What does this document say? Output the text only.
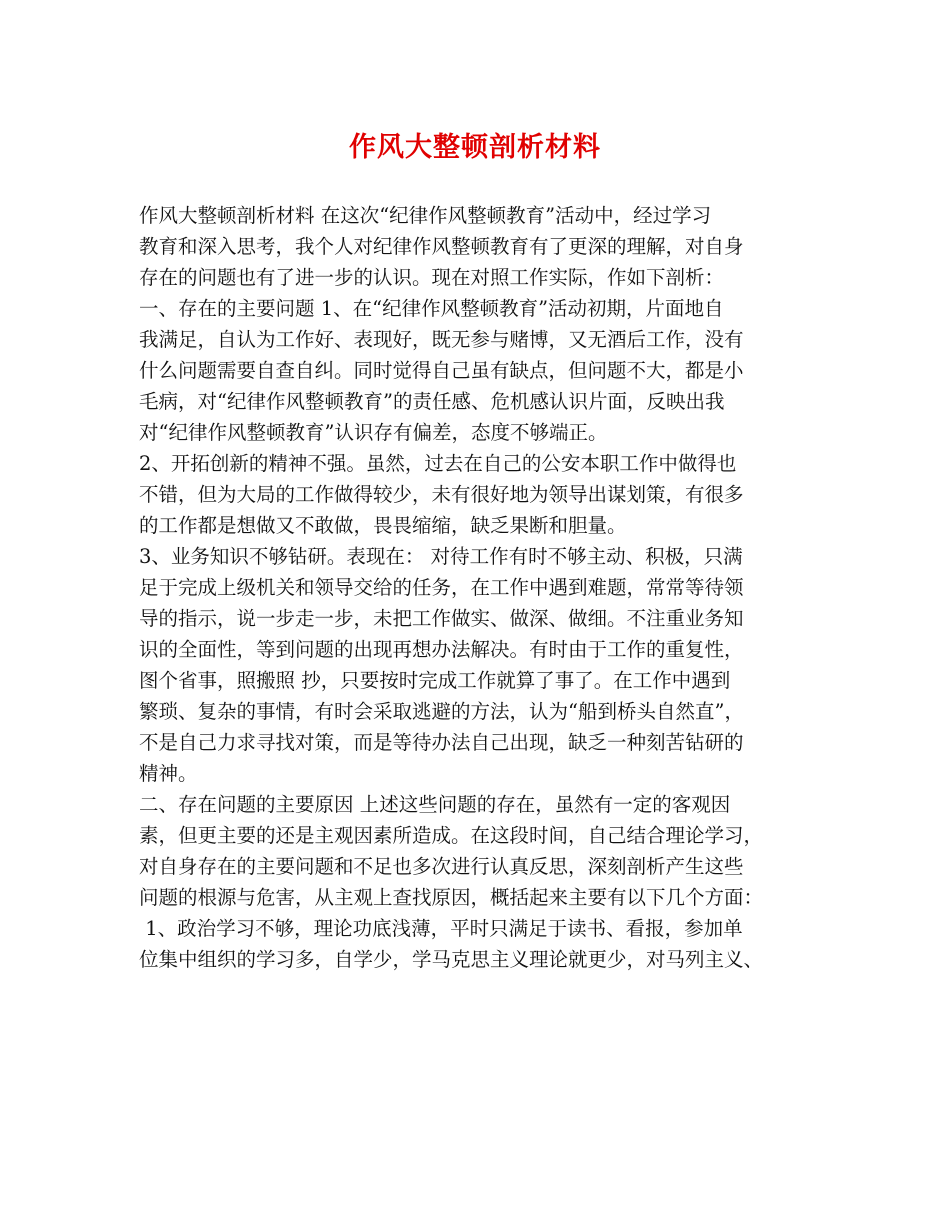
作风大整顿剖析材料
作风大整顿剖析材料 在这次“纪律作风整顿教育”活动中，经过学习
教育和深入思考，我个人对纪律作风整顿教育有了更深的理解，对自身
存在的问题也有了进一步的认识。现在对照工作实际，作如下剖析：
一、存在的主要问题 1、在“纪律作风整顿教育”活动初期，片面地自
我满足，自认为工作好、表现好，既无参与赌博，又无酒后工作，没有
什么问题需要自查自纠。同时觉得自己虽有缺点，但问题不大，都是小
毛病，对“纪律作风整顿教育”的责任感、危机感认识片面，反映出我
对“纪律作风整顿教育”认识存有偏差，态度不够端正。
2、开拓创新的精神不强。虽然，过去在自己的公安本职工作中做得也
不错，但为大局的工作做得较少，未有很好地为领导出谋划策，有很多
的工作都是想做又不敢做，畏畏缩缩，缺乏果断和胆量。
3、业务知识不够钻研。表现在： 对待工作有时不够主动、积极，只满
足于完成上级机关和领导交给的任务，在工作中遇到难题，常常等待领
导的指示，说一步走一步，未把工作做实、做深、做细。不注重业务知
识的全面性，等到问题的出现再想办法解决。有时由于工作的重复性，
图个省事，照搬照 抄，只要按时完成工作就算了事了。在工作中遇到
繁琐、复杂的事情，有时会采取逃避的方法，认为“船到桥头自然直”，
不是自己力求寻找对策，而是等待办法自己出现，缺乏一种刻苦钻研的
精神。
二、存在问题的主要原因 上述这些问题的存在，虽然有一定的客观因
素，但更主要的还是主观因素所造成。在这段时间，自己结合理论学习，
对自身存在的主要问题和不足也多次进行认真反思，深刻剖析产生这些
问题的根源与危害，从主观上查找原因，概括起来主要有以下几个方面：
1、政治学习不够，理论功底浅薄，平时只满足于读书、看报，参加单
位集中组织的学习多，自学少，学马克思主义理论就更少，对马列主义、
